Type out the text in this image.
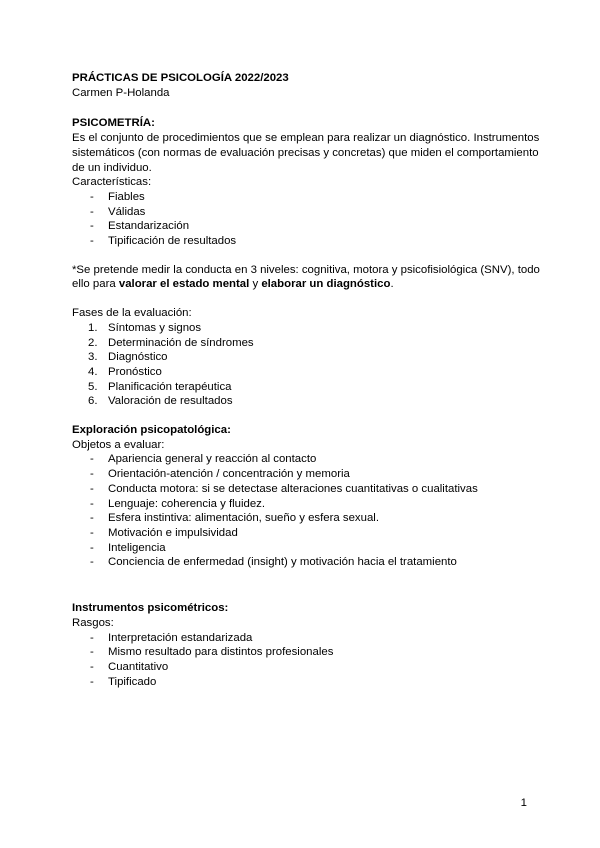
PRÁCTICAS DE PSICOLOGÍA 2022/2023

Carmen P-Holanda

PSICOMETRÍA:

Es el conjunto de procedimientos que se emplean para realizar un diagnóstico. Instrumentos sistemáticos (con normas de evaluación precisas y concretas) que miden el comportamiento de un individuo.

Características:

- Fiables
- Válidas
- Estandarización
- Tipificación de resultados

*Se pretende medir la conducta en 3 niveles: cognitiva, motora y psicofisiológica (SNV), todo ello para valorar el estado mental y elaborar un diagnóstico.

Fases de la evaluación:

1. Síntomas y signos
2. Determinación de síndromes
3. Diagnóstico
4. Pronóstico
5. Planificación terapéutica
6. Valoración de resultados

Exploración psicopatológica:

Objetos a evaluar:

- Apariencia general y reacción al contacto
- Orientación-atención / concentración y memoria
- Conducta motora: si se detectase alteraciones cuantitativas o cualitativas
- Lenguaje: coherencia y fluidez.
- Esfera instintiva: alimentación, sueño y esfera sexual.
- Motivación e impulsividad
- Inteligencia
- Conciencia de enfermedad (insight) y motivación hacia el tratamiento

Instrumentos psicométricos:

Rasgos:

- Interpretación estandarizada
- Mismo resultado para distintos profesionales
- Cuantitativo
- Tipificado
1
